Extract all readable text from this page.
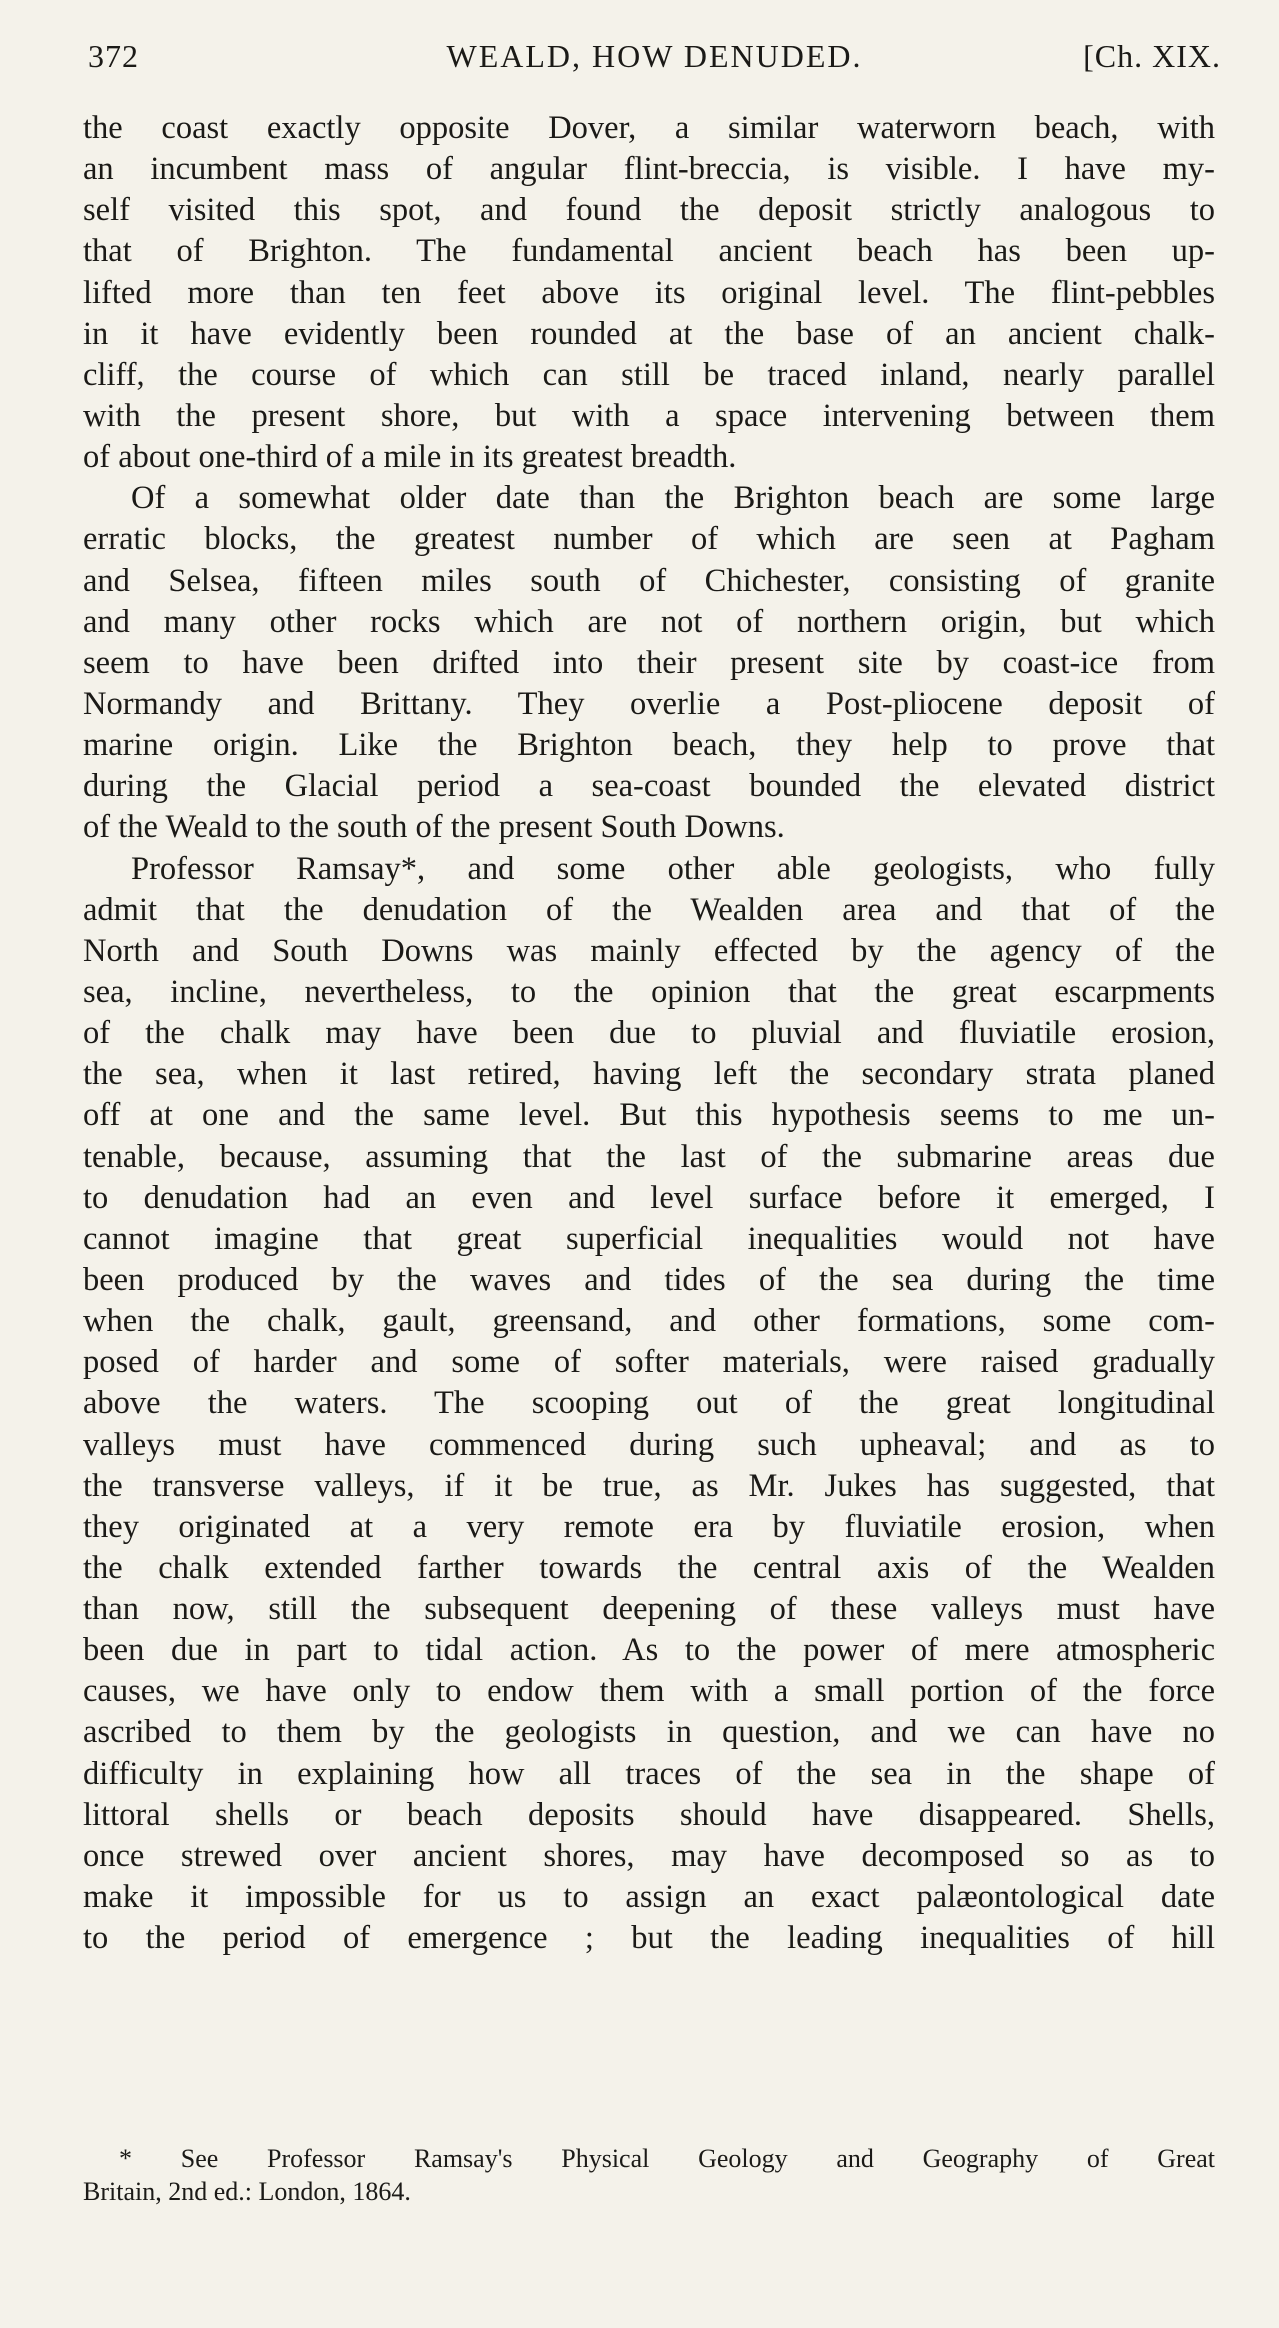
372	WEALD, HOW DENUDED.	[Ch. XIX.
the coast exactly opposite Dover, a similar waterworn beach, with
an incumbent mass of angular flint-breccia, is visible. I have my-
self visited this spot, and found the deposit strictly analogous to
that of Brighton. The fundamental ancient beach has been up-
lifted more than ten feet above its original level. The flint-pebbles
in it have evidently been rounded at the base of an ancient chalk-
cliff, the course of which can still be traced inland, nearly parallel
with the present shore, but with a space intervening between them
of about one-third of a mile in its greatest breadth.
Of a somewhat older date than the Brighton beach are some large
erratic blocks, the greatest number of which are seen at Pagham
and Selsea, fifteen miles south of Chichester, consisting of granite
and many other rocks which are not of northern origin, but which
seem to have been drifted into their present site by coast-ice from
Normandy and Brittany. They overlie a Post-pliocene deposit of
marine origin. Like the Brighton beach, they help to prove that
during the Glacial period a sea-coast bounded the elevated district
of the Weald to the south of the present South Downs.
Professor Ramsay*, and some other able geologists, who fully
admit that the denudation of the Wealden area and that of the
North and South Downs was mainly effected by the agency of the
sea, incline, nevertheless, to the opinion that the great escarpments
of the chalk may have been due to pluvial and fluviatile erosion,
the sea, when it last retired, having left the secondary strata planed
off at one and the same level. But this hypothesis seems to me un-
tenable, because, assuming that the last of the submarine areas due
to denudation had an even and level surface before it emerged, I
cannot imagine that great superficial inequalities would not have
been produced by the waves and tides of the sea during the time
when the chalk, gault, greensand, and other formations, some com-
posed of harder and some of softer materials, were raised gradually
above the waters. The scooping out of the great longitudinal
valleys must have commenced during such upheaval; and as to
the transverse valleys, if it be true, as Mr. Jukes has suggested, that
they originated at a very remote era by fluviatile erosion, when
the chalk extended farther towards the central axis of the Wealden
than now, still the subsequent deepening of these valleys must have
been due in part to tidal action. As to the power of mere atmospheric
causes, we have only to endow them with a small portion of the force
ascribed to them by the geologists in question, and we can have no
difficulty in explaining how all traces of the sea in the shape of
littoral shells or beach deposits should have disappeared. Shells,
once strewed over ancient shores, may have decomposed so as to
make it impossible for us to assign an exact palæontological date
to the period of emergence ; but the leading inequalities of hill
* See Professor Ramsay's Physical Geology and Geography of Great
Britain, 2nd ed.: London, 1864.
